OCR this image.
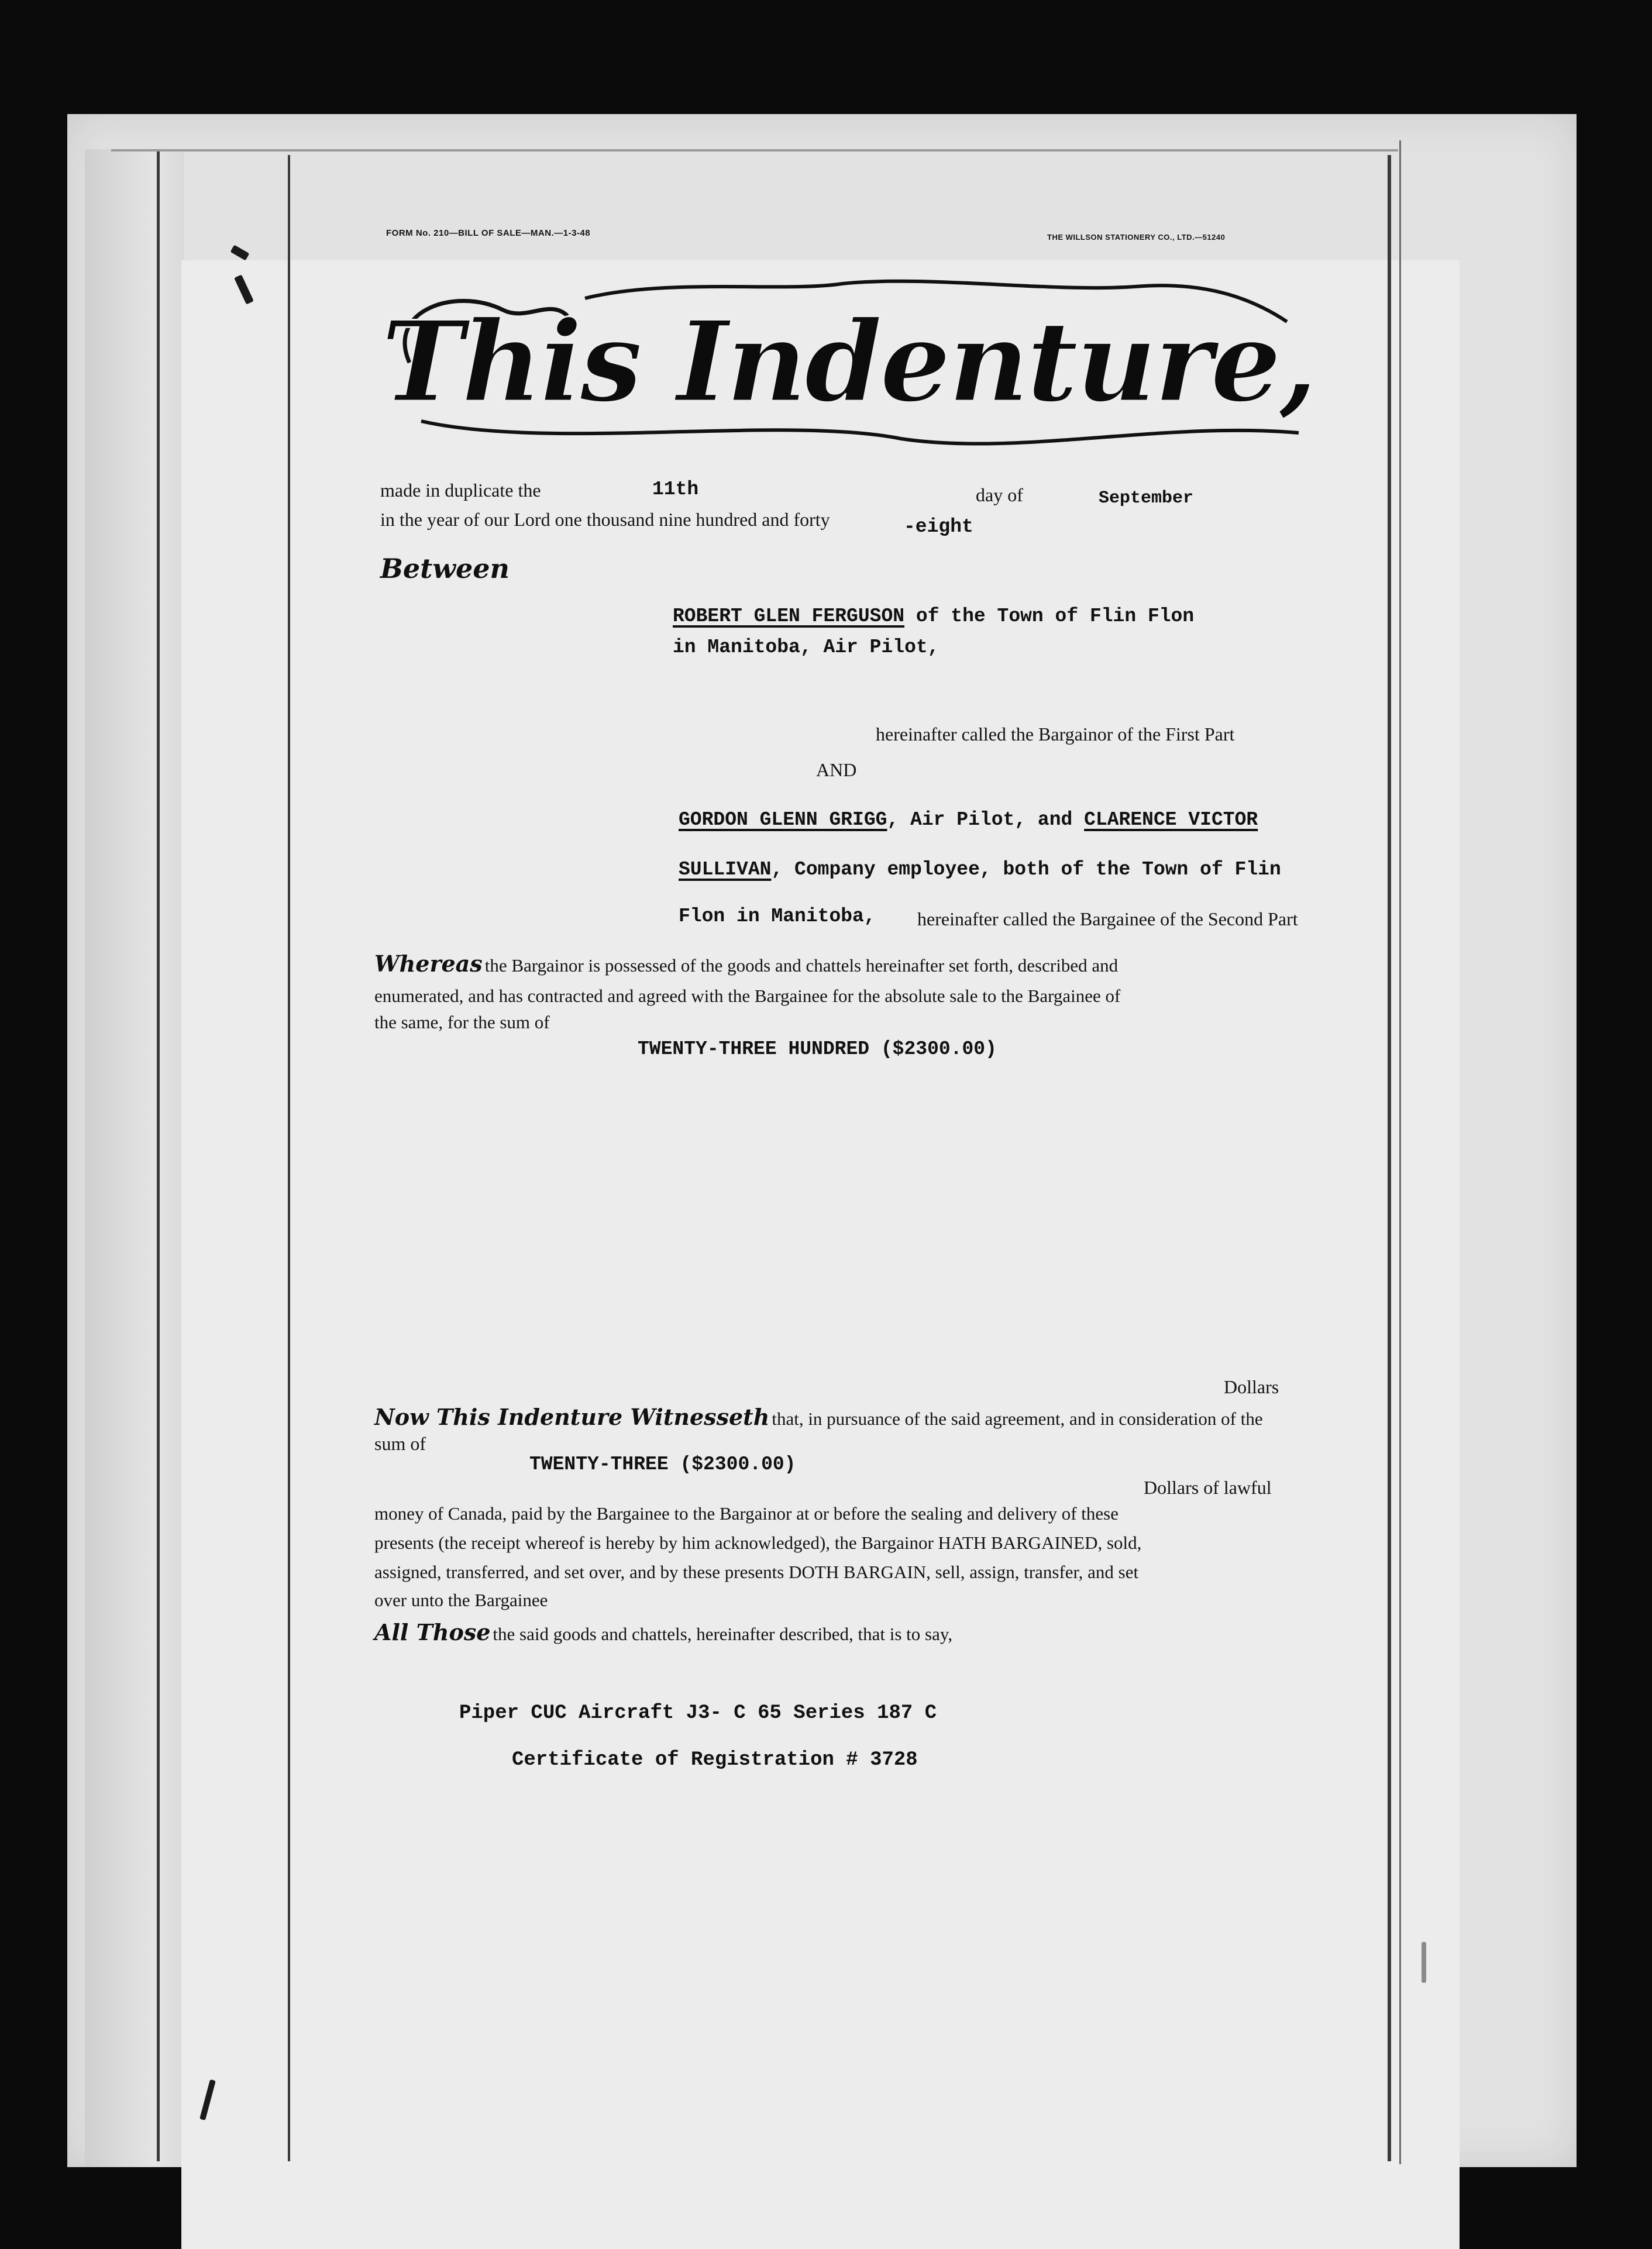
FORM No. 210—BILL OF SALE—MAN.—1-3-48	THE WILLSON STATIONERY CO., LTD.—51240
This Indenture,
made in duplicate the	11th	day of	September
in the year of our Lord one thousand nine hundred and forty	-eight
Between
ROBERT GLEN FERGUSON of the Town of Flin Flon
in Manitoba, Air Pilot,
hereinafter called the Bargainor of the First Part
AND
GORDON GLENN GRIGG, Air Pilot, and CLARENCE VICTOR
SULLIVAN, Company employee, both of the Town of Flin
Flon in Manitoba, hereinafter called the Bargainee of the Second Part
Whereas the Bargainor is possessed of the goods and chattels hereinafter set forth, described and
enumerated, and has contracted and agreed with the Bargainee for the absolute sale to the Bargainee of
the same, for the sum of
TWENTY-THREE HUNDRED ($2300.00)
Dollars
Now This Indenture Witnesseth that, in pursuance of the said agreement, and in consideration of the
sum of
TWENTY-THREE ($2300.00)
Dollars of lawful
money of Canada, paid by the Bargainee to the Bargainor at or before the sealing and delivery of these
presents (the receipt whereof is hereby by him acknowledged), the Bargainor HATH BARGAINED, sold,
assigned, transferred, and set over, and by these presents DOTH BARGAIN, sell, assign, transfer, and set
over unto the Bargainee
All Those the said goods and chattels, hereinafter described, that is to say,
Piper CUC Aircraft J3- C 65 Series 187 C
Certificate of Registration # 3728
